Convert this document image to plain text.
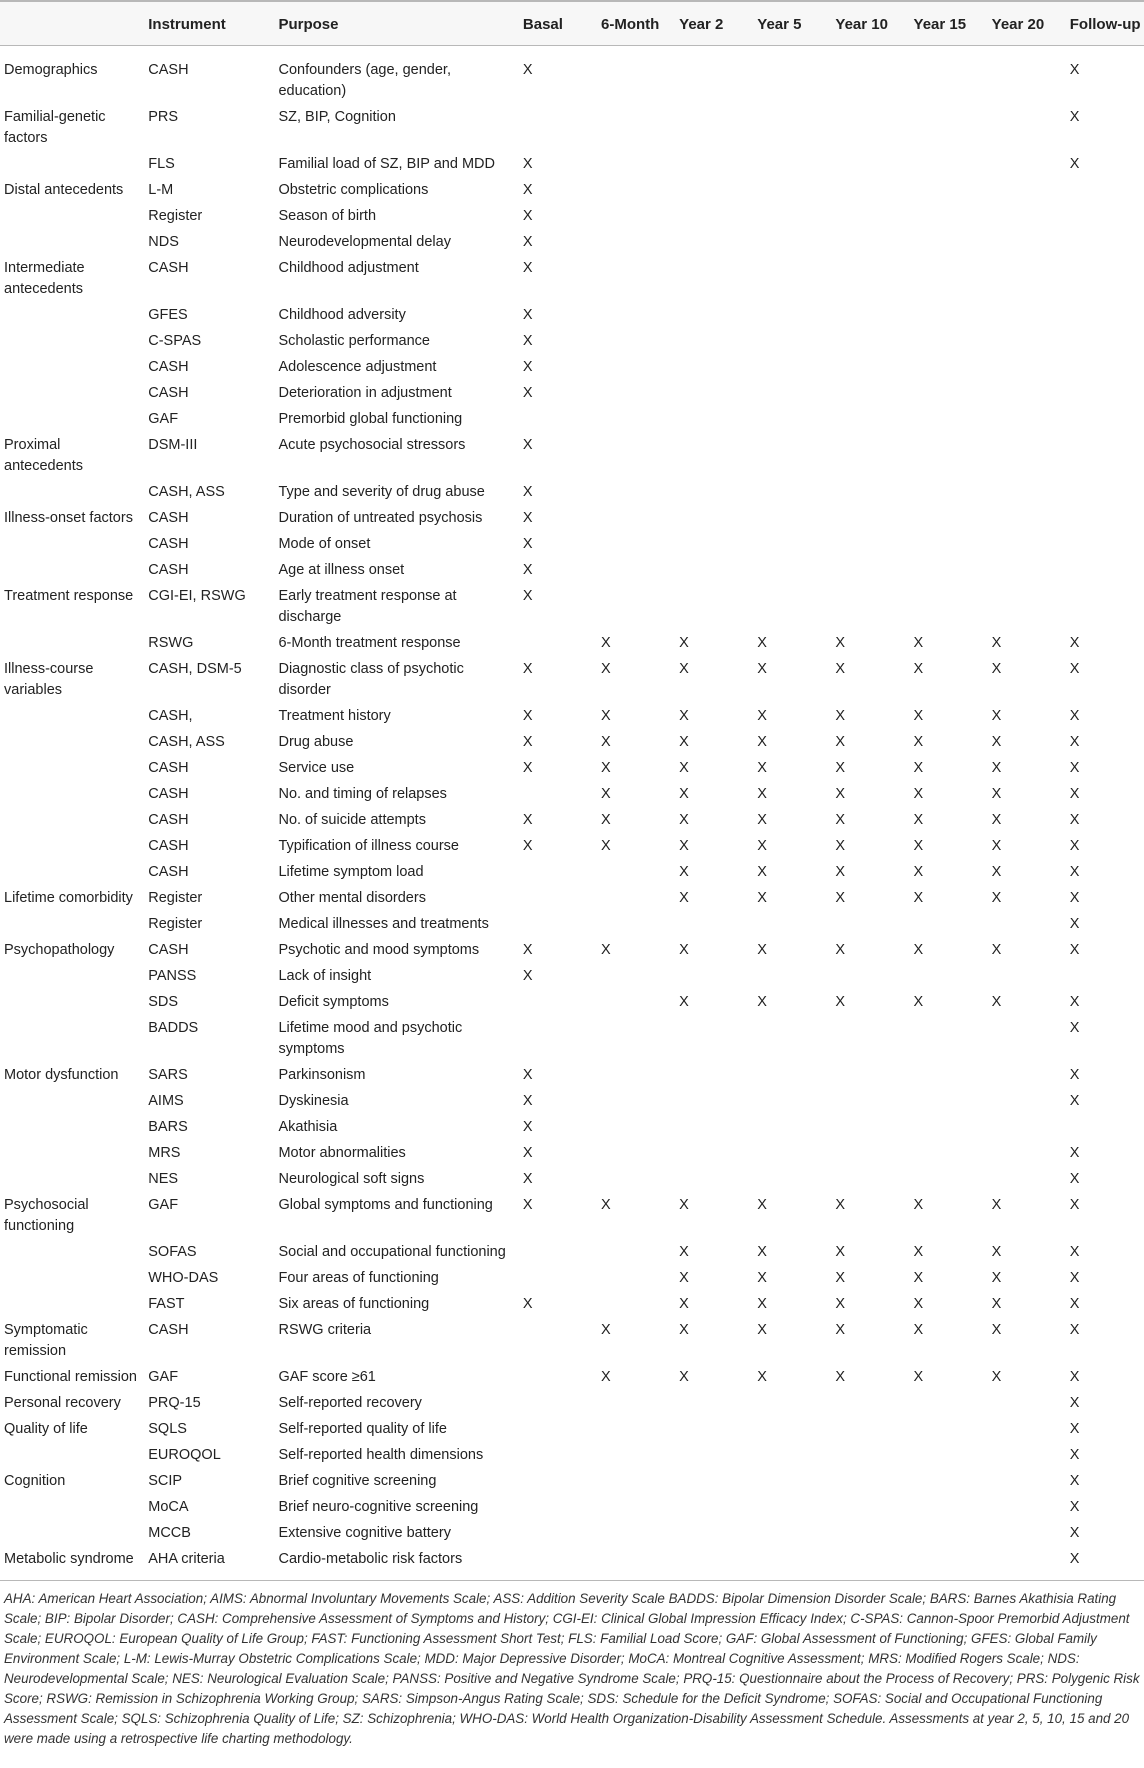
	Instrument	Purpose	Basal	6-Month	Year 2	Year 5	Year 10	Year 15	Year 20	Follow-up
Demographics	CASH	Confounders (age, gender, education)	X							X
Familial-genetic factors	PRS	SZ, BIP, Cognition								X
	FLS	Familial load of SZ, BIP and MDD	X							X
Distal antecedents	L-M	Obstetric complications	X							
	Register	Season of birth	X							
	NDS	Neurodevelopmental delay	X							
Intermediate antecedents	CASH	Childhood adjustment	X							
	GFES	Childhood adversity	X							
	C-SPAS	Scholastic performance	X							
	CASH	Adolescence adjustment	X							
	CASH	Deterioration in adjustment	X							
	GAF	Premorbid global functioning								
Proximal antecedents	DSM-III	Acute psychosocial stressors	X							
	CASH, ASS	Type and severity of drug abuse	X							
Illness-onset factors	CASH	Duration of untreated psychosis	X							
	CASH	Mode of onset	X							
	CASH	Age at illness onset	X							
Treatment response	CGI-EI, RSWG	Early treatment response at discharge	X							
	RSWG	6-Month treatment response		X	X	X	X	X	X	X
Illness-course variables	CASH, DSM-5	Diagnostic class of psychotic disorder	X	X	X	X	X	X	X	X
	CASH,	Treatment history	X	X	X	X	X	X	X	X
	CASH, ASS	Drug abuse	X	X	X	X	X	X	X	X
	CASH	Service use	X	X	X	X	X	X	X	X
	CASH	No. and timing of relapses		X	X	X	X	X	X	X
	CASH	No. of suicide attempts	X	X	X	X	X	X	X	X
	CASH	Typification of illness course	X	X	X	X	X	X	X	X
	CASH	Lifetime symptom load			X	X	X	X	X	X
Lifetime comorbidity	Register	Other mental disorders			X	X	X	X	X	X
	Register	Medical illnesses and treatments								X
Psychopathology	CASH	Psychotic and mood symptoms	X	X	X	X	X	X	X	X
	PANSS	Lack of insight	X							
	SDS	Deficit symptoms			X	X	X	X	X	X
	BADDS	Lifetime mood and psychotic symptoms								X
Motor dysfunction	SARS	Parkinsonism	X							X
	AIMS	Dyskinesia	X							X
	BARS	Akathisia	X							
	MRS	Motor abnormalities	X							X
	NES	Neurological soft signs	X							X
Psychosocial functioning	GAF	Global symptoms and functioning	X	X	X	X	X	X	X	X
	SOFAS	Social and occupational functioning			X	X	X	X	X	X
	WHO-DAS	Four areas of functioning			X	X	X	X	X	X
	FAST	Six areas of functioning	X		X	X	X	X	X	X
Symptomatic remission	CASH	RSWG criteria		X	X	X	X	X	X	X
Functional remission	GAF	GAF score ≥61		X	X	X	X	X	X	X
Personal recovery	PRQ-15	Self-reported recovery								X
Quality of life	SQLS	Self-reported quality of life								X
	EUROQOL	Self-reported health dimensions								X
Cognition	SCIP	Brief cognitive screening								X
	MoCA	Brief neuro-cognitive screening								X
	MCCB	Extensive cognitive battery								X
Metabolic syndrome	AHA criteria	Cardio-metabolic risk factors								X
AHA: American Heart Association; AIMS: Abnormal Involuntary Movements Scale; ASS: Addition Severity Scale BADDS: Bipolar Dimension Disorder Scale; BARS: Barnes Akathisia Rating Scale; BIP: Bipolar Disorder; CASH: Comprehensive Assessment of Symptoms and History; CGI-EI: Clinical Global Impression Efficacy Index; C-SPAS: Cannon-Spoor Premorbid Adjustment Scale; EUROQOL: European Quality of Life Group; FAST: Functioning Assessment Short Test; FLS: Familial Load Score; GAF: Global Assessment of Functioning; GFES: Global Family Environment Scale; L-M: Lewis-Murray Obstetric Complications Scale; MDD: Major Depressive Disorder; MoCA: Montreal Cognitive Assessment; MRS: Modified Rogers Scale; NDS: Neurodevelopmental Scale; NES: Neurological Evaluation Scale; PANSS: Positive and Negative Syndrome Scale; PRQ-15: Questionnaire about the Process of Recovery; PRS: Polygenic Risk Score; RSWG: Remission in Schizophrenia Working Group; SARS: Simpson-Angus Rating Scale; SDS: Schedule for the Deficit Syndrome; SOFAS: Social and Occupational Functioning Assessment Scale; SQLS: Schizophrenia Quality of Life; SZ: Schizophrenia; WHO-DAS: World Health Organization-Disability Assessment Schedule. Assessments at year 2, 5, 10, 15 and 20 were made using a retrospective life charting methodology.
